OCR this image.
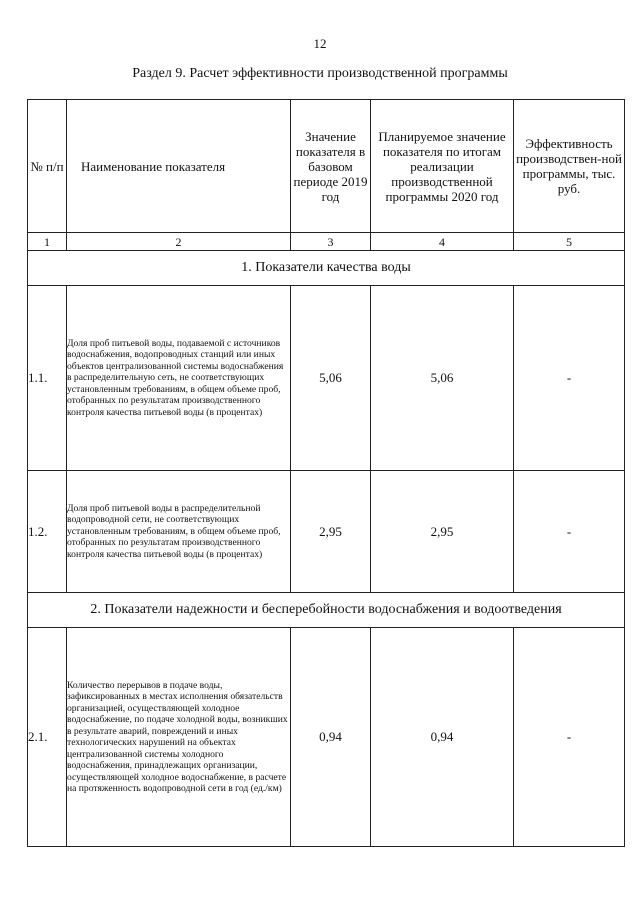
12
Раздел 9. Расчет эффективности производственной программы
№ п/п	Наименование показателя	Значение показателя в базовом периоде 2019 год	Планируемое значение показателя по итогам реализации производственной программы 2020 год	Эффективность производствен-ной программы, тыс. руб.
1	2	3	4	5
1. Показатели качества воды				
1.1.	Доля проб питьевой воды, подаваемой с источников водоснабжения, водопроводных станций или иных объектов централизованной системы водоснабжения в распределительную сеть, не соответствующих установленным требованиям, в общем объеме проб, отобранных по результатам производственного контроля качества питьевой воды (в процентах)	5,06	5,06	-
1.2.	Доля проб питьевой воды в распределительной водопроводной сети, не соответствующих установленным требованиям, в общем объеме проб, отобранных по результатам производственного контроля качества питьевой воды (в процентах)	2,95	2,95	-
2. Показатели надежности и бесперебойности водоснабжения и водоотведения				
2.1.	Количество перерывов в подаче воды, зафиксированных в местах исполнения обязательств организацией, осуществляющей холодное водоснабжение, по подаче холодной воды, возникших в результате аварий, повреждений и иных технологических нарушений на объектах централизованной системы холодного водоснабжения, принадлежащих организации, осуществляющей холодное водоснабжение, в расчете на протяженность водопроводной сети в год (ед./км)	0,94	0,94	-
